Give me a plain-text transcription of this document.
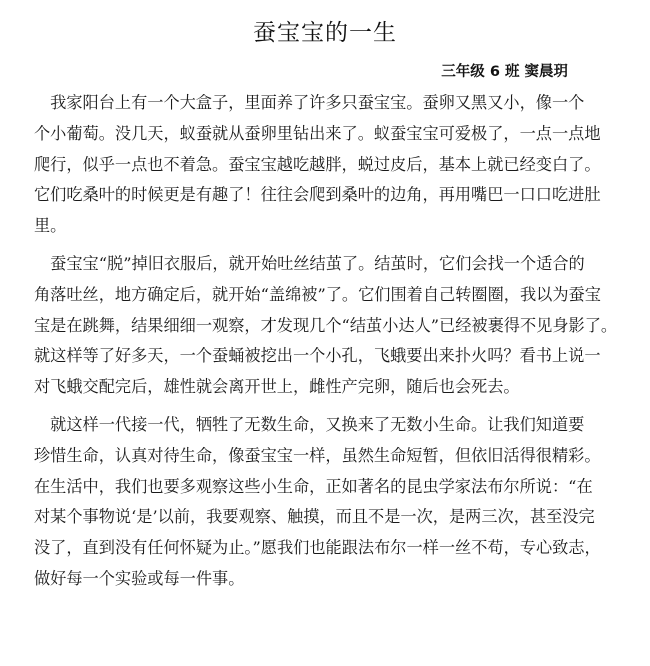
蚕宝宝的一生
三年级 6 班 窦晨玥
　我家阳台上有一个大盒子，里面养了许多只蚕宝宝。蚕卵又黑又小，像一个
个小葡萄。没几天，蚁蚕就从蚕卵里钻出来了。蚁蚕宝宝可爱极了，一点一点地
爬行，似乎一点也不着急。蚕宝宝越吃越胖，蜕过皮后，基本上就已经变白了。
它们吃桑叶的时候更是有趣了！往往会爬到桑叶的边角，再用嘴巴一口口吃进肚
里。
　蚕宝宝“脱”掉旧衣服后，就开始吐丝结茧了。结茧时，它们会找一个适合的
角落吐丝，地方确定后，就开始“盖绵被”了。它们围着自己转圈圈，我以为蚕宝
宝是在跳舞，结果细细一观察，才发现几个“结茧小达人”已经被裹得不见身影了。
就这样等了好多天，一个蚕蛹被挖出一个小孔，飞蛾要出来扑火吗？看书上说一
对飞蛾交配完后，雄性就会离开世上，雌性产完卵，随后也会死去。
　就这样一代接一代，牺牲了无数生命，又换来了无数小生命。让我们知道要
珍惜生命，认真对待生命，像蚕宝宝一样，虽然生命短暂，但依旧活得很精彩。
在生活中，我们也要多观察这些小生命，正如著名的昆虫学家法布尔所说：“在
对某个事物说‘是’以前，我要观察、触摸，而且不是一次，是两三次，甚至没完
没了，直到没有任何怀疑为止。”愿我们也能跟法布尔一样一丝不苟，专心致志，
做好每一个实验或每一件事。
